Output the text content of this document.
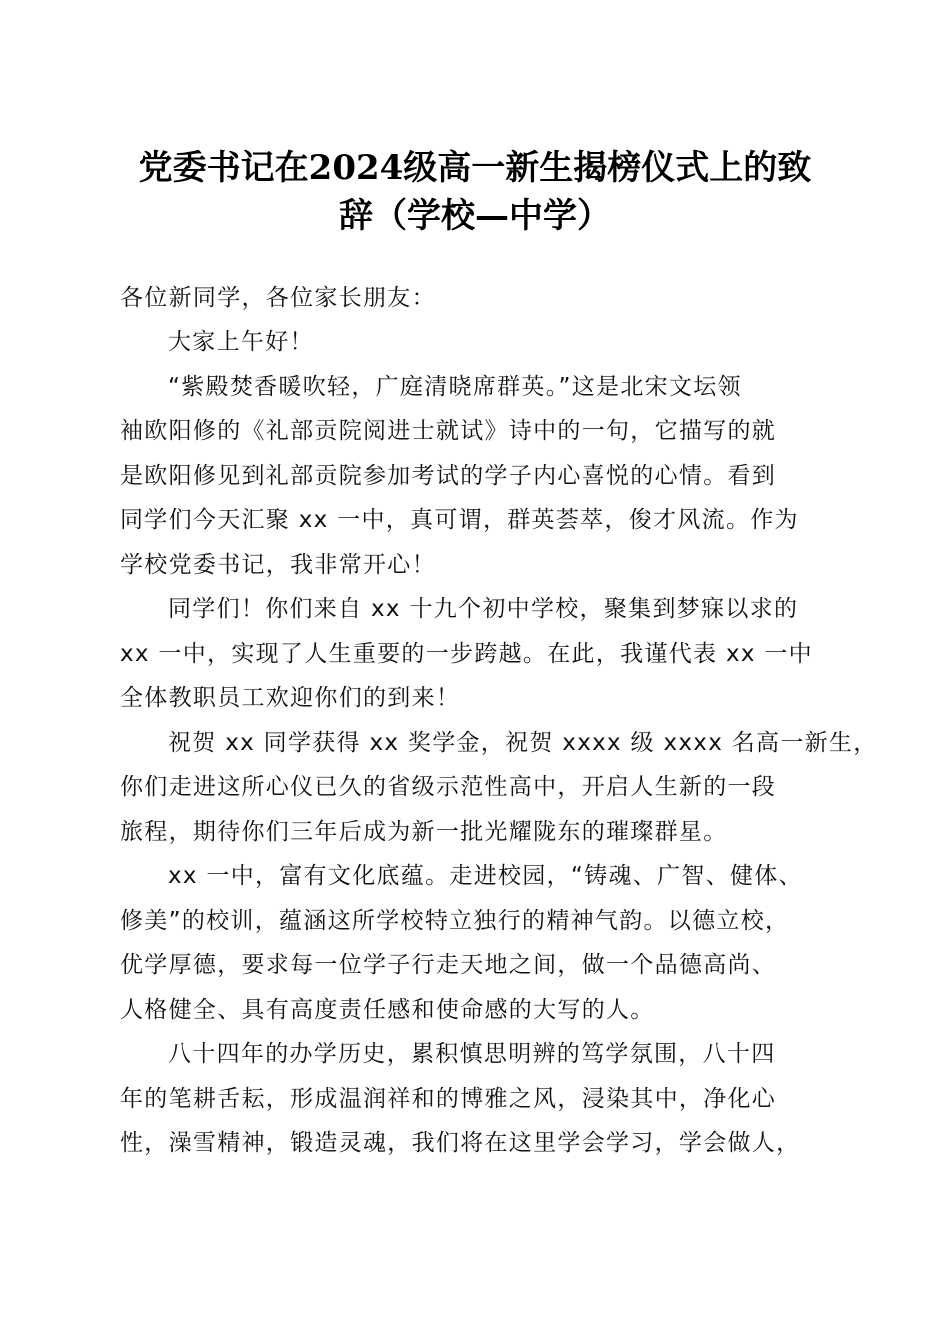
党委书记在2024级高一新生揭榜仪式上的致
辞（学校—中学）
各位新同学，各位家长朋友：
大家上午好！
“紫殿焚香暖吹轻，广庭清晓席群英。”这是北宋文坛领
袖欧阳修的《礼部贡院阅进士就试》诗中的一句，它描写的就
是欧阳修见到礼部贡院参加考试的学子内心喜悦的心情。看到
同学们今天汇聚 xx 一中，真可谓，群英荟萃，俊才风流。作为
学校党委书记，我非常开心！
同学们！你们来自 xx 十九个初中学校，聚集到梦寐以求的
xx 一中，实现了人生重要的一步跨越。在此，我谨代表 xx 一中
全体教职员工欢迎你们的到来！
祝贺 xx 同学获得 xx 奖学金，祝贺 xxxx 级 xxxx 名高一新生，
你们走进这所心仪已久的省级示范性高中，开启人生新的一段
旅程，期待你们三年后成为新一批光耀陇东的璀璨群星。
xx 一中，富有文化底蕴。走进校园，“铸魂、广智、健体、
修美”的校训，蕴涵这所学校特立独行的精神气韵。以德立校，
优学厚德，要求每一位学子行走天地之间，做一个品德高尚、
人格健全、具有高度责任感和使命感的大写的人。
八十四年的办学历史，累积慎思明辨的笃学氛围，八十四
年的笔耕舌耘，形成温润祥和的博雅之风，浸染其中，净化心
性，澡雪精神，锻造灵魂，我们将在这里学会学习，学会做人，
